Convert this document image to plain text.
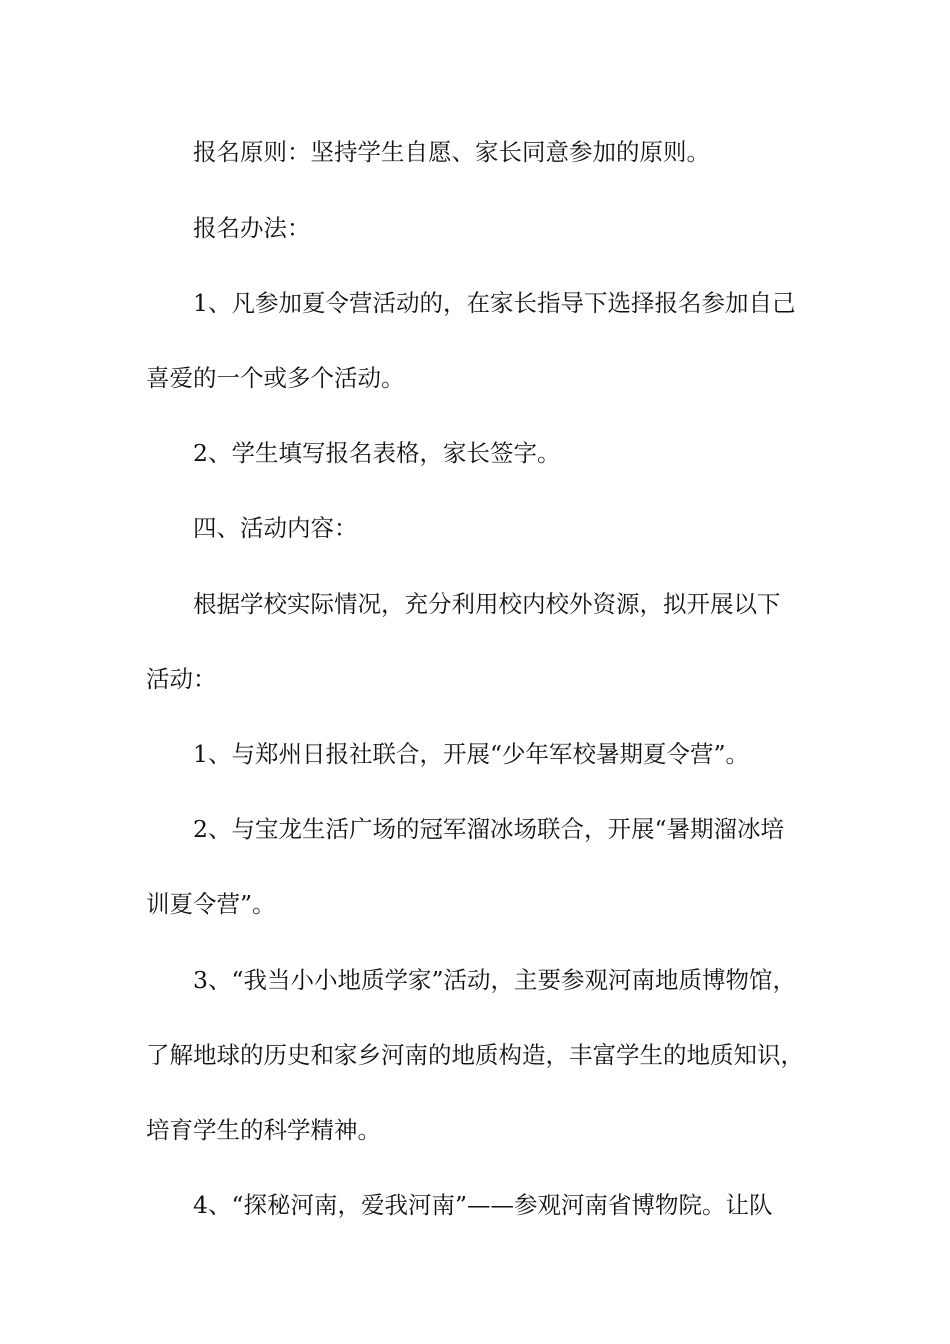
报名原则：坚持学生自愿、家长同意参加的原则。
报名办法：
1、凡参加夏令营活动的，在家长指导下选择报名参加自己
喜爱的一个或多个活动。
2、学生填写报名表格，家长签字。
四、活动内容：
根据学校实际情况，充分利用校内校外资源，拟开展以下
活动：
1、与郑州日报社联合，开展“少年军校暑期夏令营”。
2、与宝龙生活广场的冠军溜冰场联合，开展“暑期溜冰培
训夏令营”。
3、“我当小小地质学家”活动，主要参观河南地质博物馆，
了解地球的历史和家乡河南的地质构造，丰富学生的地质知识，
培育学生的科学精神。
4、“探秘河南，爱我河南”——参观河南省博物院。让队
